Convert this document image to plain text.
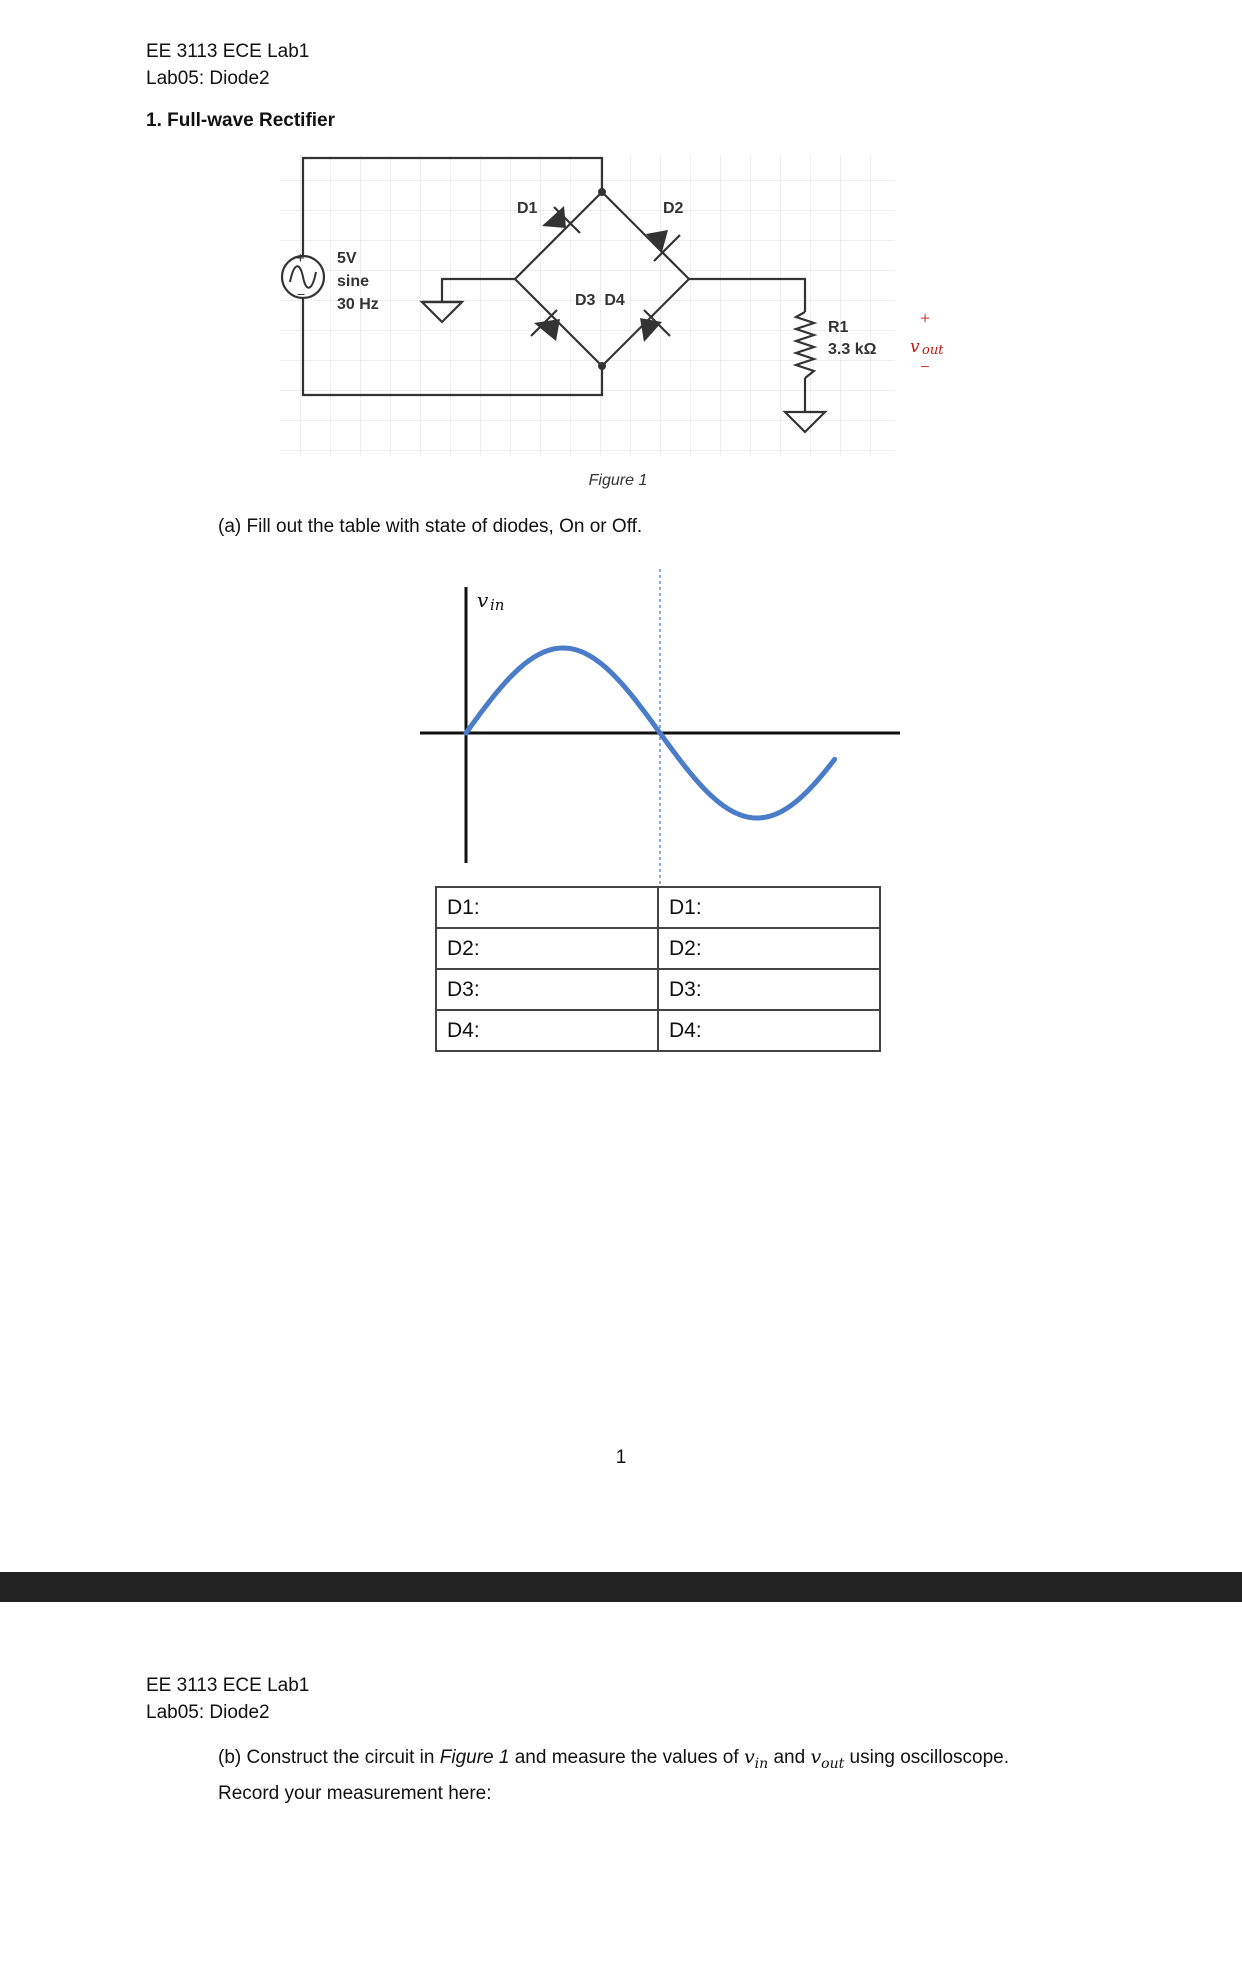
EE 3113 ECE Lab1
Lab05: Diode2
1. Full-wave Rectifier
+
−
5V
sine
30 Hz
D1	D2
D3  D4
R1
3.3 kΩ
+
v out
−
Figure 1
(a) Fill out the table with state of diodes, On or Off.
v in
D1:	D1:
D2:	D2:
D3:	D3:
D4:	D4:
1
EE 3113 ECE Lab1
Lab05: Diode2
(b) Construct the circuit in Figure 1 and measure the values of $v_{in}$ and $v_{out}$ using oscilloscope.
Record your measurement here:
